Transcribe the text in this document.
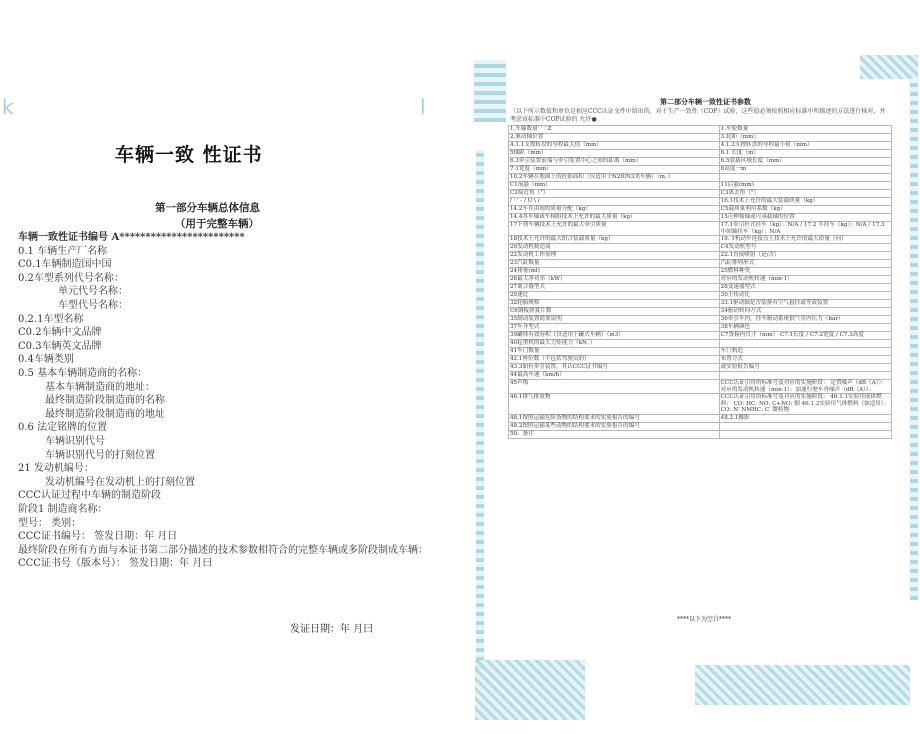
k	l
车辆一致 性证书
第一部分车辆总体信息
（用于完整车辆）
车辆一致性证书编号 A************************
0.1 车辆生产厂名称
C0.1车辆制造国中国
0.2车型系列代号名称：
单元代号名称：
车型代号名称：
0.2.1车型名称
C0.2车辆中文品牌
C0.3车辆英文品牌
0.4车辆类别
0.5 基本车辆制造商的名称：
基本车辆制造商的地址：
最终制造阶段制造商的名称
最终制造阶段制造商的地址
0.6 法定铭牌的位置
车辆识别代号
车辆识别代号的打刻位置
21 发动机编号：
发动机编号在发动机上的打刻位置
CCC认证过程中车辆的制造阶段
阶段1 制造商名称：
型号： 类别：
CCC证书编号： 签发日期：年 月日
最终阶段在所有方面与本证书第二部分描述的技术参数相符合的完整车辆或多阶段制成车辆：
CCC证书号（版本号）： 签发日期：年 月曰
发证日期：年 月曰
第二部分车辆一致性证书参数
（以下所示数值和单位是相应CCC认证文件中给出的，对于生产一致性（COP）试验，这些值必须按照相应标准中所描述的方法进行核对，并考虑该标准中COP试验的 允许●
1.车轴数量' ' ' Z	1.车轮数量
2.驱动轴位置	3.轮距（mm）
4.1.1支撑转盘的导程最大值（mm）	4.1.2支撑转盘的导程最小值（mm）
5轴距（mm）	6.1 长度（m）
6.3牵引装置前端与牵引装置中心之间的距离（mm）	6.5装载区域长度（mm）
7.1宽度（mm）	8高度一m
10.2车辆在地面上的投影面积（仅适用于N2和N3类车辆）（m。）	
C1前悬（mm）	11后悬(mm)
C2接近角（°）	C3离去角（°）
/ ' ' - / U \ /	16.1技术上允许的最大装载质量（kg）
14.2车在由间的质量分配（kg）	C5载质量利用系数（kg）
14.4各车轴或车轴组技术上允许的最大质量（kg）	15可伸缩轴或可承载轴的位置
17下列车辆技术上允许的最大牵引质量	17.1牵引杆式挂车（kg）：N/A / 17.2 半挂车（kg）：N/A / 17.3中间轴挂车（kg）：N/A
18技术上允许的最大组合装载质量（kg）	19. 1机动车连接点上技术上允许的最大质量（向）
20发动机制造商	C4发动机型号
22发动机工作原理	22.1直接喷射（是/否）
23汽缸数量	汽缸排列形式
24排量(ml)	25燃料种类
26最大净功率（kW）	对应的发动机转速（min-1）
27离合器型式	28变速器型式
29速比	30主传动比
32轮胎规格	33.1驱动轴是否装备有空气悬挂或等效装置
C6钢板弹簧片数	34驱动转向方式
35制动装置简要说明	36牵引车内，挂车制动系统供气管内压力（bar）
37车身型式	38车辆颜色
39罐体有效容积（仅适用于罐式车辆）（m3）	C7货箱内尺寸（mm） C7.1长度 / C7.2宽度 / C7.3高度
40起重机的最大力矩能力（kN。）	
41车门数量	车门构造
42.1座位数（不包括驾驶员的）	布置方式
43.3如有牵引装置，其认CCC证书编号	或实验报告编号
44最高车速（km/h）	
45声级	CCC认证引用的标准号及对应的实施阶段： 定置噪声（dB（A））：对应的发动机转速（min-1）：加速行驶车外噪声（dB（A））：
46.1排气排放物	CCC认证引用的标准号及对应的实施阶段： 46.1.1实验用液体燃料： CO: HC: NO: C+NO: 烟 46.1.2实验用气体燃料（如适用）： CO: N' NMHC: C' 微粒物
48.1按照运输危险货物的结构要求的实验报告的编号	48.2.1摄影
48.2按照运输某些动物的结构要求的实验报告的编号	
50、备注	
****以下为空白****
